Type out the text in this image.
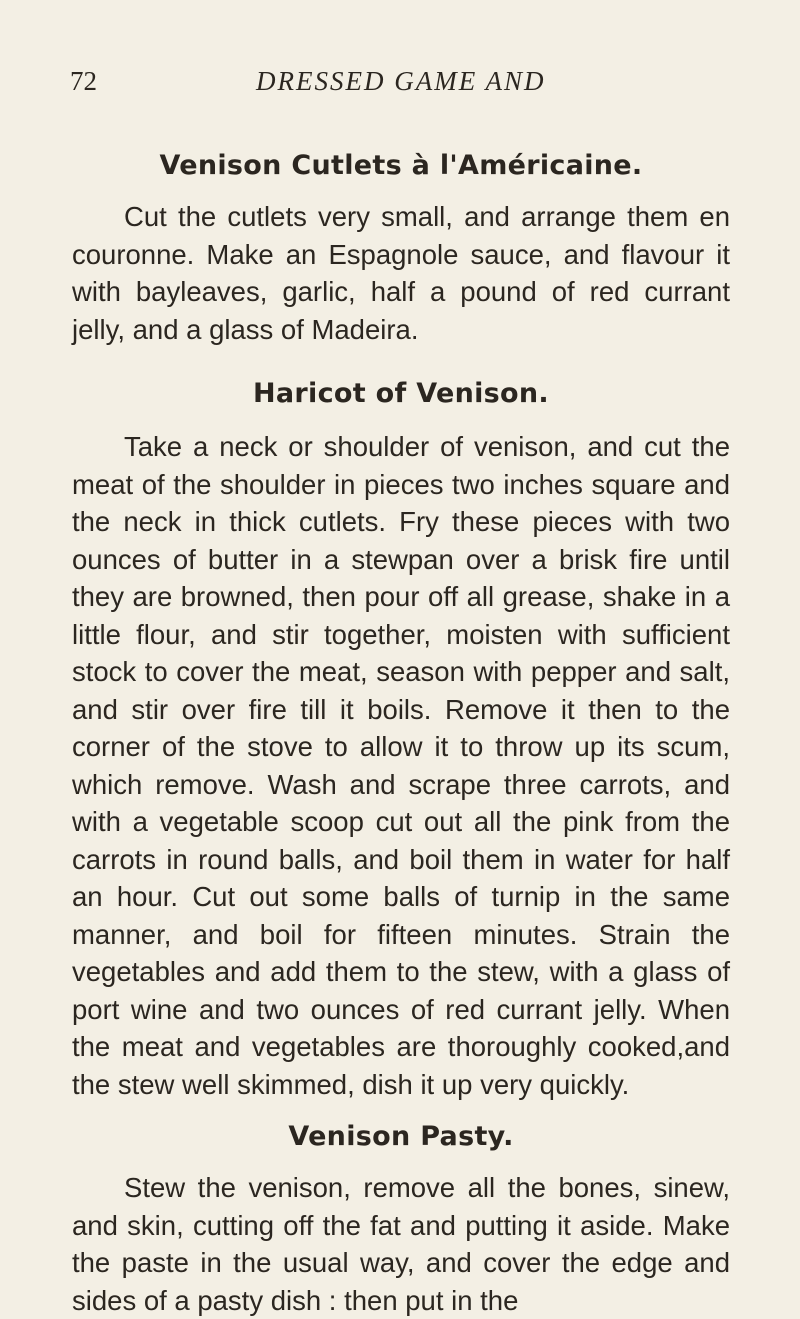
72	DRESSED GAME AND
Venison Cutlets à l'Américaine.

Cut the cutlets very small, and arrange them en couronne. Make an Espagnole sauce, and flavour it with bayleaves, garlic, half a pound of red currant jelly, and a glass of Madeira.

Haricot of Venison.

Take a neck or shoulder of venison, and cut the meat of the shoulder in pieces two inches square and the neck in thick cutlets. Fry these pieces with two ounces of butter in a stewpan over a brisk fire until they are browned, then pour off all grease, shake in a little flour, and stir together, moisten with sufficient stock to cover the meat, season with pepper and salt, and stir over fire till it boils. Remove it then to the corner of the stove to allow it to throw up its scum, which remove. Wash and scrape three carrots, and with a vegetable scoop cut out all the pink from the carrots in round balls, and boil them in water for half an hour. Cut out some balls of turnip in the same manner, and boil for fifteen minutes. Strain the vegetables and add them to the stew, with a glass of port wine and two ounces of red currant jelly. When the meat and vegetables are thoroughly cooked,and the stew well skimmed, dish it up very quickly.

Venison Pasty.

Stew the venison, remove all the bones, sinew, and skin, cutting off the fat and putting it aside. Make the paste in the usual way, and cover the edge and sides of a pasty dish : then put in the
